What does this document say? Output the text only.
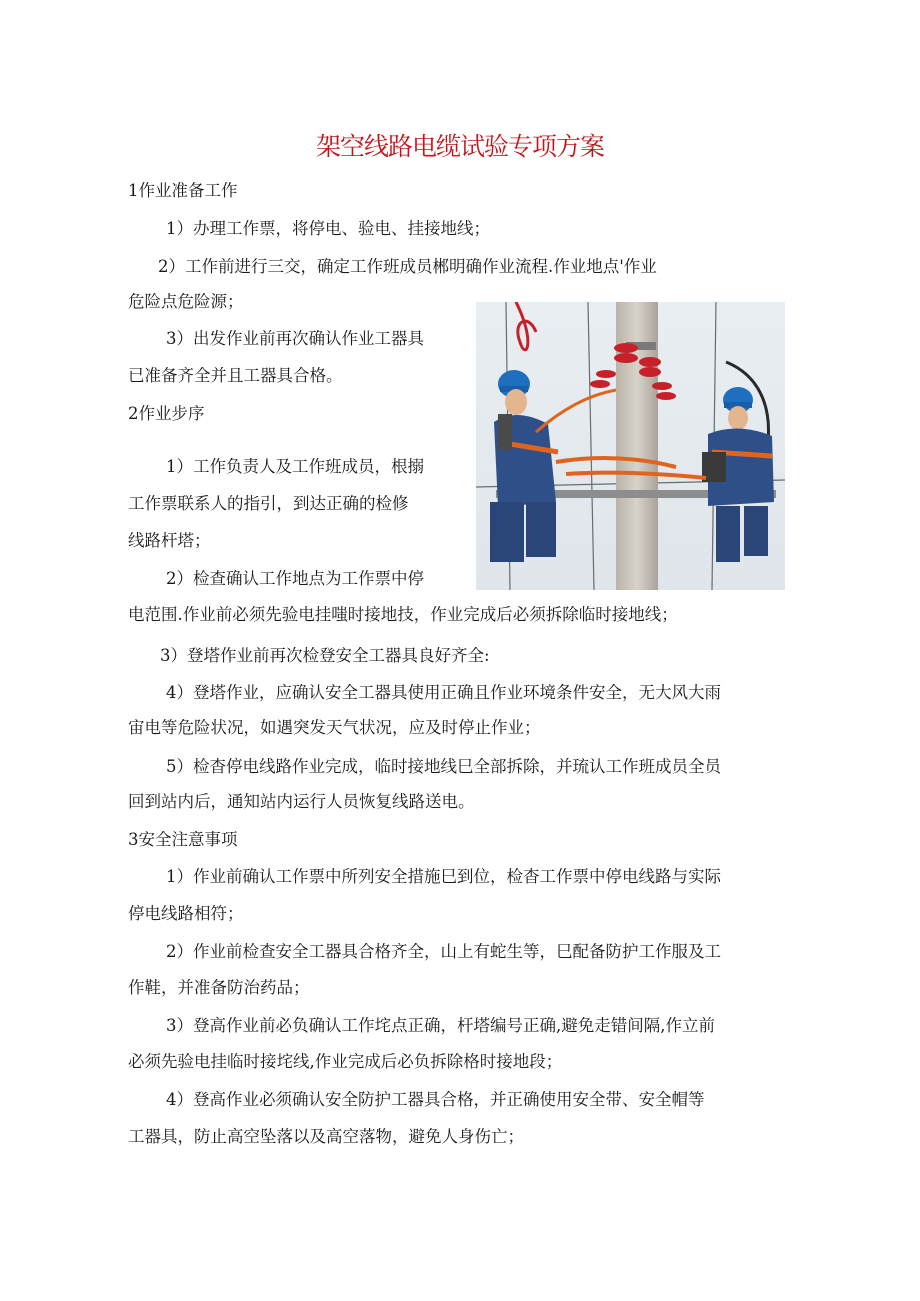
架空线路电缆试验专项方案

1作业准备工作

1）办理工作票，将停电、验电、挂接地线；

2）工作前进行三交，确定工作班成员郴明确作业流程.作业地点'作业

危险点危险源；

3）出发作业前再次确认作业工器具

已准备齐全并且工器具合格。

2作业步序

1）工作负责人及工作班成员，根搦

工作票联系人的指引，到达正确的检修

线路杆塔；

2）检查确认工作地点为工作票中停

电范围.作业前必须先验电挂嗤时接地技，作业完成后必须拆除临时接地线；

3）登塔作业前再次检登安全工器具良好齐全:

4）登塔作业，应确认安全工器具使用正确且作业环境条件安全，无大风大雨

宙电等危险状况，如遇突发天气状况，应及时停止作业；

5）检杳停电线路作业完成，临时接地线巳全部拆除，并琉认工作班成员全员

回到站内后，通知站内运行人员恢复线路送电。

3安全注意事项

1）作业前确认工作票中所列安全措施巳到位，检杳工作票中停电线路与实际

停电线路相符；

2）作业前检查安全工器具合格齐全，山上有蛇生等，巳配备防护工作服及工

作鞋，并准备防治药品；

3）登高作业前必负确认工作垞点正确，杆塔编号正确,避免走错间隔,作立前

必须先验电挂临时接垞线,作业完成后必负拆除格时接地段；

4）登高作业必须确认安全防护工器具合格，并正确使用安全带、安全帽等

工器具，防止高空坠落以及高空落物，避免人身伤亡；
